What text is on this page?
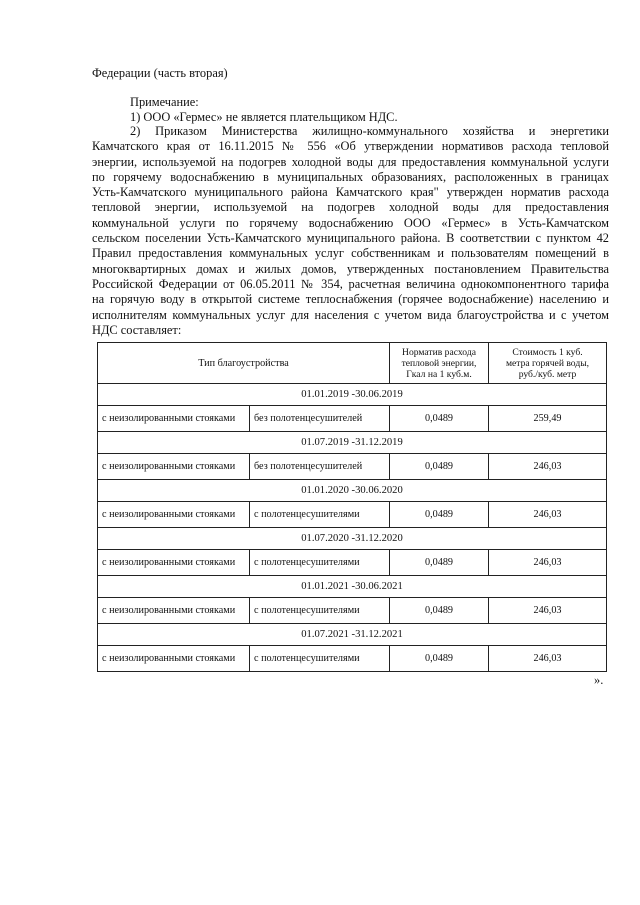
Федерации (часть вторая)
Примечание:
1) ООО «Гермес» не является плательщиком НДС.
2) Приказом Министерства жилищно-коммунального хозяйства и энергетики
Камчатского края от 16.11.2015 № 556 «Об утверждении нормативов расхода тепловой
энергии, используемой на подогрев холодной воды для предоставления коммунальной услуги
по горячему водоснабжению в муниципальных образованиях, расположенных в границах
Усть-Камчатского муниципального района Камчатского края" утвержден норматив расхода
тепловой энергии, используемой на подогрев холодной воды для предоставления
коммунальной услуги по горячему водоснабжению ООО «Гермес» в Усть-Камчатском
сельском поселении Усть-Камчатского муниципального района. В соответствии с пунктом 42
Правил предоставления коммунальных услуг собственникам и пользователям помещений в
многоквартирных домах и жилых домов, утвержденных постановлением Правительства
Российской Федерации от 06.05.2011 № 354, расчетная величина однокомпонентного тарифа
на горячую воду в открытой системе теплоснабжения (горячее водоснабжение) населению и
исполнителям коммунальных услуг для населения с учетом вида благоустройства и с учетом
НДС составляет:
Тип благоустройства		Норматив расхода
тепловой энергии,
Гкал на 1 куб.м.	Стоимость 1 куб.
метра горячей воды,
руб./куб. метр
01.01.2019 -30.06.2019			
с неизолированными стояками	без полотенцесушителей	0,0489	259,49
01.07.2019 -31.12.2019			
с неизолированными стояками	без полотенцесушителей	0,0489	246,03
01.01.2020 -30.06.2020			
с неизолированными стояками	с полотенцесушителями	0,0489	246,03
01.07.2020 -31.12.2020			
с неизолированными стояками	с полотенцесушителями	0,0489	246,03
01.01.2021 -30.06.2021			
с неизолированными стояками	с полотенцесушителями	0,0489	246,03
01.07.2021 -31.12.2021			
с неизолированными стояками	с полотенцесушителями	0,0489	246,03
».
